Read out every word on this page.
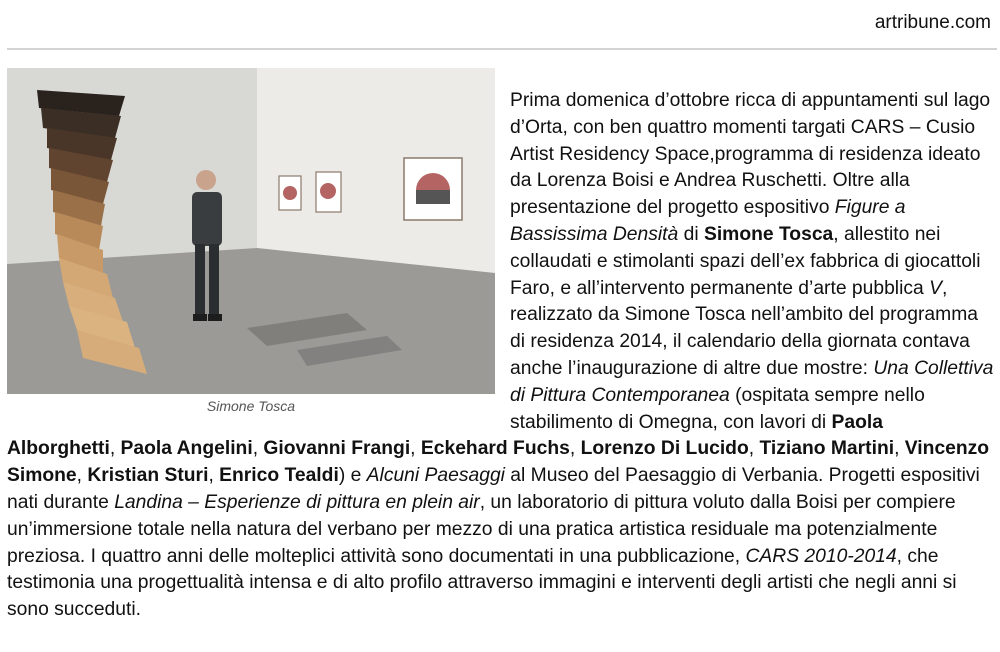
artribune.com
Simone Tosca
Prima domenica d’ottobre ricca di appuntamenti sul lago d’Orta, con ben quattro momenti targati CARS – Cusio Artist Residency Space,programma di residenza ideato da Lorenza Boisi e Andrea Ruschetti. Oltre alla presentazione del progetto espositivo Figure a Bassissima Densità di Simone Tosca, allestito nei collaudati e stimolanti spazi dell’ex fabbrica di giocattoli Faro, e all’intervento permanente d’arte pubblica V, realizzato da Simone Tosca nell’ambito del programma di residenza 2014, il calendario della giornata contava anche l’inaugurazione di altre due mostre: Una Collettiva di Pittura Contemporanea (ospitata sempre nello stabilimento di Omegna, con lavori di Paola Alborghetti, Paola Angelini, Giovanni Frangi, Eckehard Fuchs, Lorenzo Di Lucido, Tiziano Martini, Vincenzo Simone, Kristian Sturi, Enrico Tealdi) e Alcuni Paesaggi al Museo del Paesaggio di Verbania. Progetti espositivi nati durante Landina – Esperienze di pittura en plein air, un laboratorio di pittura voluto dalla Boisi per compiere un’immersione totale nella natura del verbano per mezzo di una pratica artistica residuale ma potenzialmente preziosa. I quattro anni delle molteplici attività sono documentati in una pubblicazione, CARS 2010-2014, che testimonia una progettualità intensa e di alto profilo attraverso immagini e interventi degli artisti che negli anni si sono succeduti.
